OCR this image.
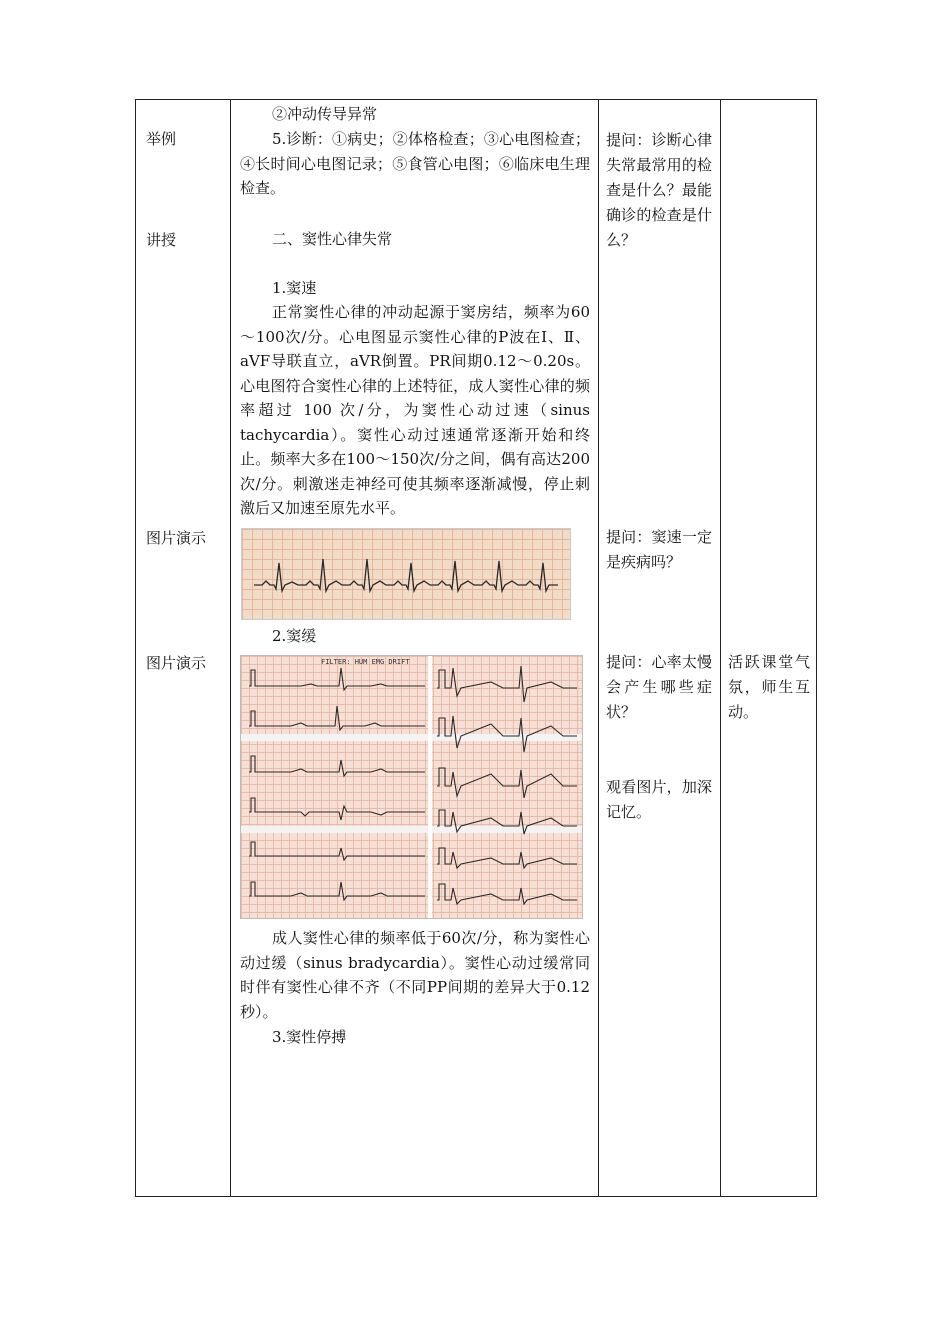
举例
讲授
图片演示
图片演示
②冲动传导异常
5.诊断：①病史；②体格检查；③心电图检查；④长时间心电图记录；⑤食管心电图；⑥临床电生理检查。
二、窦性心律失常
1.窦速
正常窦性心律的冲动起源于窦房结，频率为60～100次/分。心电图显示窦性心律的P波在I、Ⅱ、aVF导联直立，aVR倒置。PR间期0.12～0.20s。心电图符合窦性心律的上述特征，成人窦性心律的频率超过 100 次/分，为窦性心动过速（sinus tachycardia）。窦性心动过速通常逐渐开始和终止。频率大多在100～150次/分之间，偶有高达200次/分。刺激迷走神经可使其频率逐渐减慢，停止刺激后又加速至原先水平。
2.窦缓
成人窦性心律的频率低于60次/分，称为窦性心动过缓（sinus bradycardia）。窦性心动过缓常同时伴有窦性心律不齐（不同PP间期的差异大于0.12秒）。
3.窦性停搏
FILTER: HUM EMG DRIFT
提问：诊断心律失常最常用的检查是什么？最能确诊的检查是什么？
提问：窦速一定是疾病吗？
提问：心率太慢会产生哪些症状？
观看图片，加深记忆。
活跃课堂气氛，师生互动。
